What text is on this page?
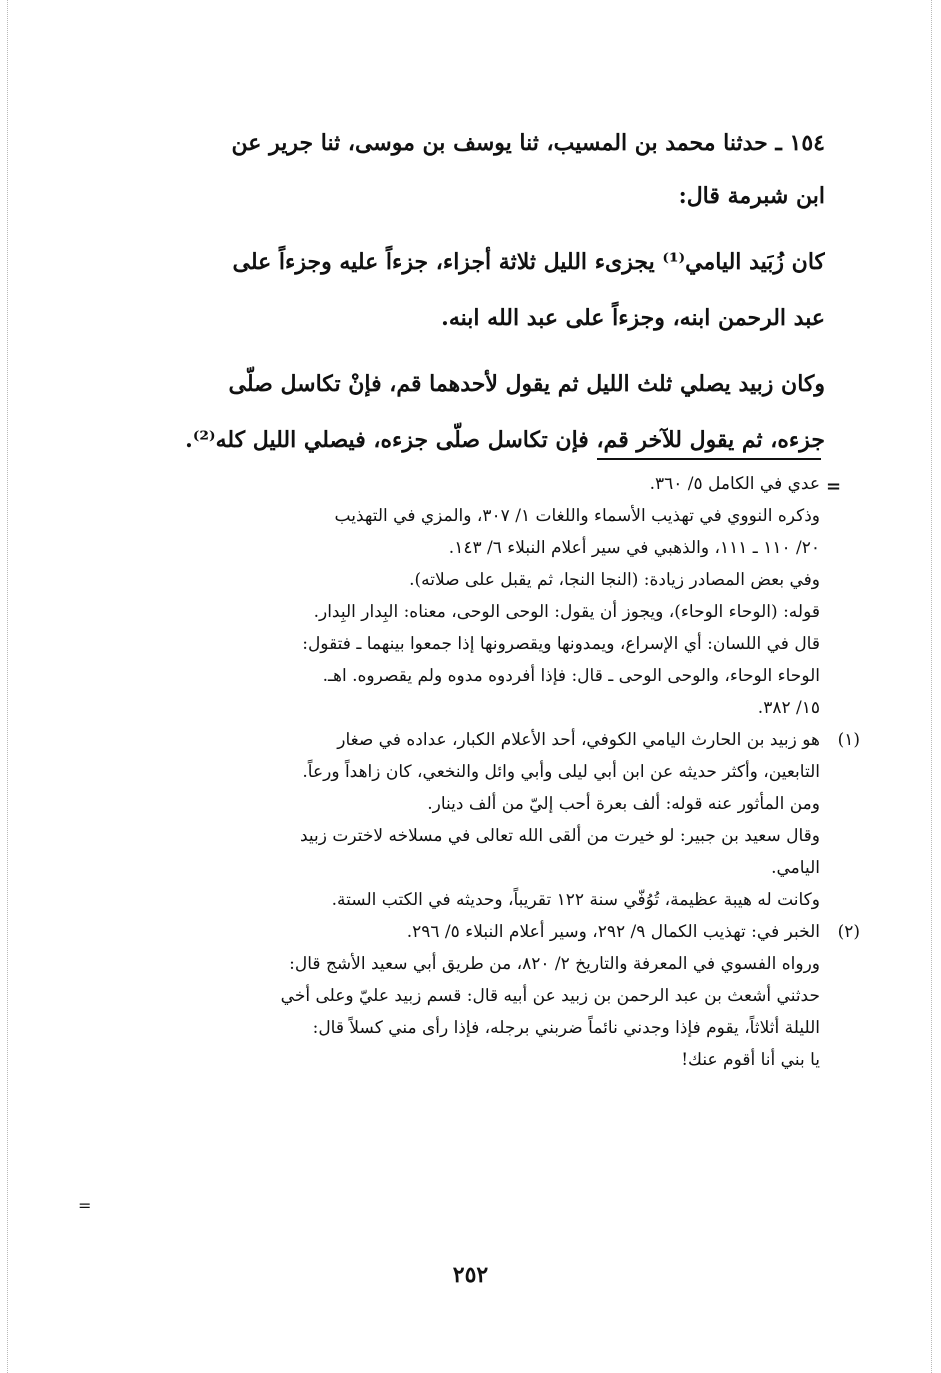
١٥٤ ـ حدثنا محمد بن المسيب، ثنا يوسف بن موسى، ثنا جرير عن

ابن شبرمة قال:

كان زُبَيد اليامي⁽¹⁾ يجزىء الليل ثلاثة أجزاء، جزءاً عليه وجزءاً على

عبد الرحمن ابنه، وجزءاً على عبد الله ابنه.

وكان زبيد يصلي ثلث الليل ثم يقول لأحدهما قم، فإنْ تكاسل صلّى

جزءه، ثم يقول للآخر قم، فإن تكاسل صلّى جزءه، فيصلي الليل كله⁽²⁾.

=

عدي في الكامل ٥/ ٣٦٠.

وذكره النووي في تهذيب الأسماء واللغات ١/ ٣٠٧، والمزي في التهذيب

٢٠/ ١١٠ ـ ١١١، والذهبي في سير أعلام النبلاء ٦/ ١٤٣.

وفي بعض المصادر زيادة: (النجا النجا، ثم يقبل على صلاته).

قوله: (الوحاء الوحاء)، ويجوز أن يقول: الوحى الوحى، معناه: البِدار البِدار.

قال في اللسان: أي الإسراع، ويمدونها ويقصرونها إذا جمعوا بينهما ـ فتقول:

الوحاء الوحاء، والوحى الوحى ـ قال: فإذا أفردوه مدوه ولم يقصروه. اهـ.

١٥/ ٣٨٢.

(١)

هو زبيد بن الحارث اليامي الكوفي، أحد الأعلام الكبار، عداده في صغار

التابعين، وأكثر حديثه عن ابن أبي ليلى وأبي وائل والنخعي، كان زاهداً ورعاً.

ومن المأثور عنه قوله: ألف بعرة أحب إليّ من ألف دينار.

وقال سعيد بن جبير: لو خيرت من ألقى الله تعالى في مسلاخه لاخترت زبيد

اليامي.

وكانت له هيبة عظيمة، تُوُفّي سنة ١٢٢ تقريباً، وحديثه في الكتب الستة.

(٢)

الخبر في: تهذيب الكمال ٩/ ٢٩٢، وسير أعلام النبلاء ٥/ ٢٩٦.

ورواه الفسوي في المعرفة والتاريخ ٢/ ٨٢٠، من طريق أبي سعيد الأشج قال:

حدثني أشعث بن عبد الرحمن بن زبيد عن أبيه قال: قسم زبيد عليّ وعلى أخي

الليلة أثلاثاً، يقوم فإذا وجدني نائماً ضربني برجله، فإذا رأى مني كسلاً قال:

يا بني أنا أقوم عنك!

=
٢٥٢
